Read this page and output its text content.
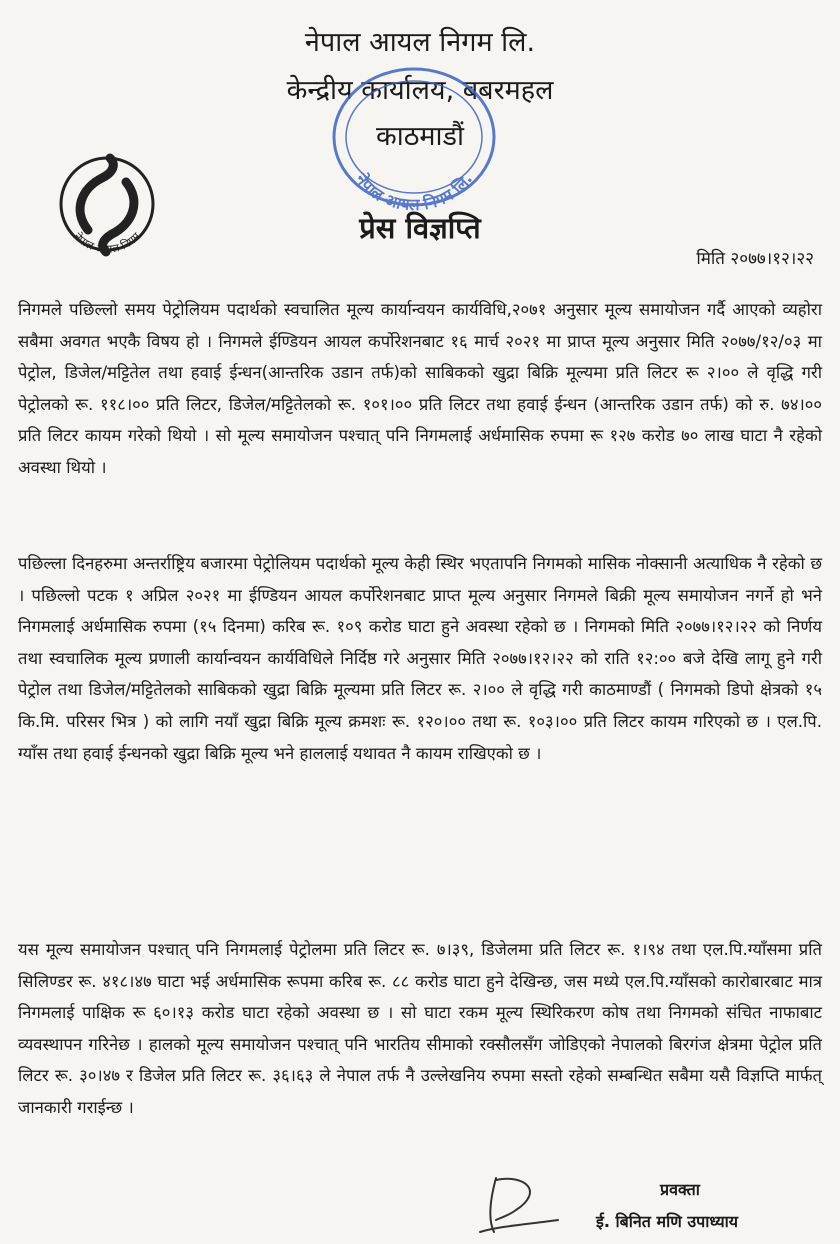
नेपाल आयल निगम लि.
केन्द्रीय कार्यालय, बबरमहल
काठमाडौं
नेपाल आयल निगम लि.
नेपाल आयल निगम	प्रेस विज्ञप्ति
मिति २०७७।१२।२२

निगमले पछिल्लो समय पेट्रोलियम पदार्थको स्वचालित मूल्य कार्यान्वयन कार्यविधि,२०७१ अनुसार मूल्य समायोजन गर्दै आएको व्यहोरा सबैमा अवगत भएकै विषय हो । निगमले ईण्डियन आयल कर्पोरेशनबाट १६ मार्च २०२१ मा प्राप्त मूल्य अनुसार मिति २०७७/१२/०३ मा पेट्रोल, डिजेल/मट्टितेल तथा हवाई ईन्धन(आन्तरिक उडान तर्फ)को साबिकको खुद्रा बिक्रि मूल्यमा प्रति लिटर रू २।०० ले वृद्धि गरी पेट्रोलको रू. ११८।०० प्रति लिटर, डिजेल/मट्टितेलको रू. १०१।०० प्रति लिटर तथा हवाई ईन्धन (आन्तरिक उडान तर्फ) को रु. ७४।०० प्रति लिटर कायम गरेको थियो । सो मूल्य समायोजन पश्चात् पनि निगमलाई अर्धमासिक रुपमा रू १२७ करोड ७० लाख घाटा नै रहेको अवस्था थियो ।

पछिल्ला दिनहरुमा अन्तर्राष्ट्रिय बजारमा पेट्रोलियम पदार्थको मूल्य केही स्थिर भएतापनि निगमको मासिक नोक्सानी अत्याधिक नै रहेको छ । पछिल्लो पटक १ अप्रिल २०२१ मा ईण्डियन आयल कर्पोरेशनबाट प्राप्त मूल्य अनुसार निगमले बिक्री मूल्य समायोजन नगर्ने हो भने निगमलाई अर्धमासिक रुपमा (१५ दिनमा) करिब रू. १०९ करोड घाटा हुने अवस्था रहेको छ । निगमको मिति २०७७।१२।२२ को निर्णय तथा स्वचालिक मूल्य प्रणाली कार्यान्वयन कार्यविधिले निर्दिष्ठ गरे अनुसार मिति २०७७।१२।२२ को राति १२:०० बजे देखि लागू हुने गरी पेट्रोल तथा डिजेल/मट्टितेलको साबिकको खुद्रा बिक्रि मूल्यमा प्रति लिटर रू. २।०० ले वृद्धि गरी काठमाण्डौं ( निगमको डिपो क्षेत्रको १५ कि.मि. परिसर भित्र ) को लागि नयाँ खुद्रा बिक्रि मूल्य क्रमशः रू. १२०।०० तथा रू. १०३।०० प्रति लिटर कायम गरिएको छ । एल.पि. ग्याँस तथा हवाई ईन्धनको खुद्रा बिक्रि मूल्य भने हाललाई यथावत नै कायम राखिएको छ ।

यस मूल्य समायोजन पश्चात् पनि निगमलाई पेट्रोलमा प्रति लिटर रू. ७।३९, डिजेलमा प्रति लिटर रू. १।९४ तथा एल.पि.ग्याँसमा प्रति सिलिण्डर रू. ४१८।४७ घाटा भई अर्धमासिक रूपमा करिब रू. ८८ करोड घाटा हुने देखिन्छ, जस मध्ये एल.पि.ग्याँसको कारोबारबाट मात्र निगमलाई पाक्षिक रू ६०।१३ करोड घाटा रहेको अवस्था छ । सो घाटा रकम मूल्य स्थिरिकरण कोष तथा निगमको संचित नाफाबाट व्यवस्थापन गरिनेछ । हालको मूल्य समायोजन पश्चात् पनि भारतिय सीमाको रक्सौलसँग जोडिएको नेपालको बिरगंज क्षेत्रमा पेट्रोल प्रति लिटर रू. ३०।४७ र डिजेल प्रति लिटर रू. ३६।६३ ले नेपाल तर्फ नै उल्लेखनिय रुपमा सस्तो रहेको सम्बन्धित सबैमा यसै विज्ञप्ति मार्फत् जानकारी गराईन्छ ।

प्रवक्ता
ई. बिनित मणि उपाध्याय
